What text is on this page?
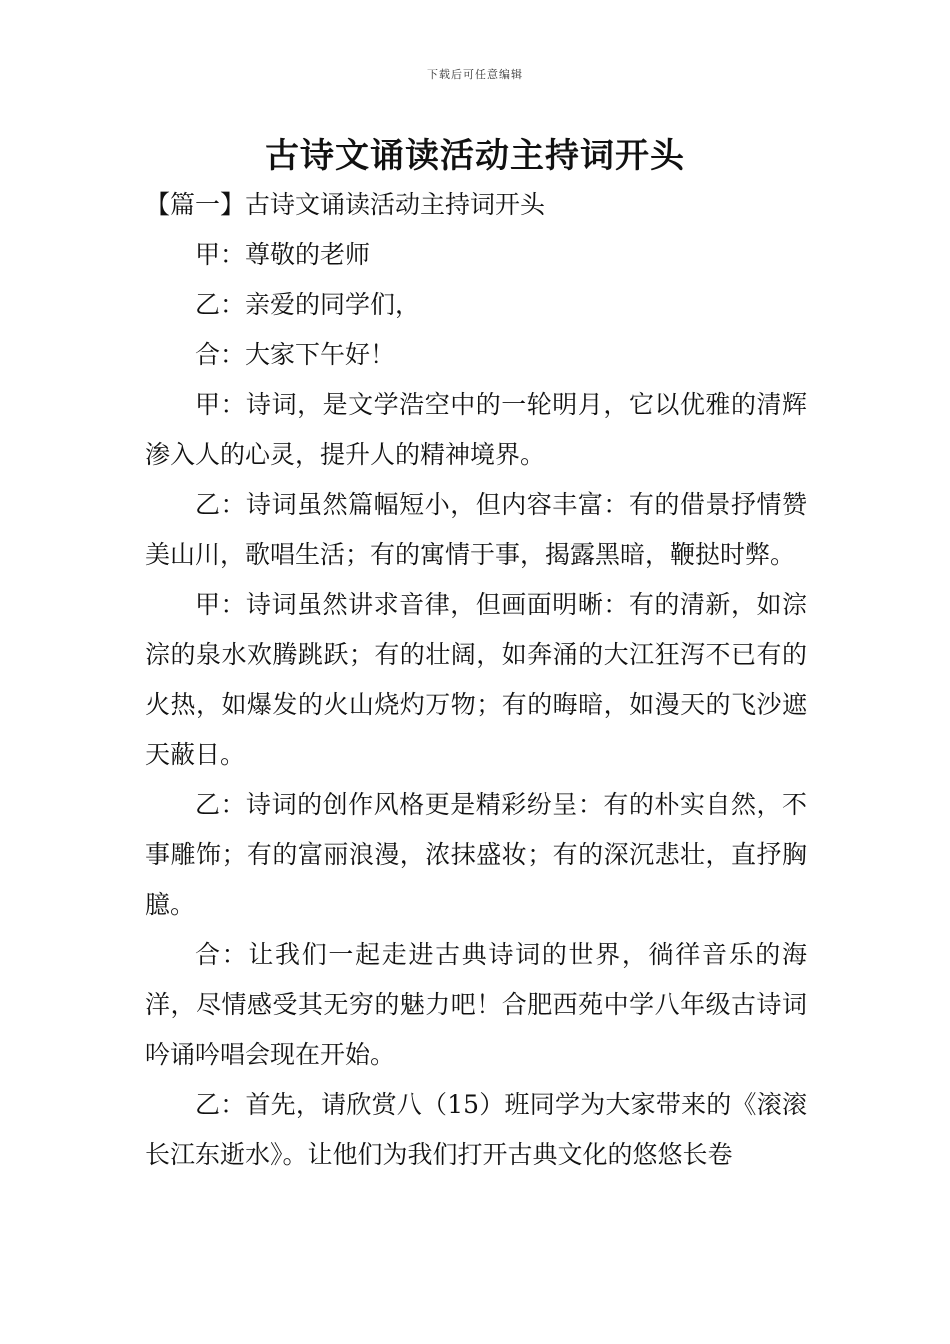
下载后可任意编辑
古诗文诵读活动主持词开头

【篇一】古诗文诵读活动主持词开头

甲：尊敬的老师

乙：亲爱的同学们，

合：大家下午好！

甲：诗词，是文学浩空中的一轮明月，它以优雅的清辉渗入人的心灵，提升人的精神境界。

乙：诗词虽然篇幅短小，但内容丰富：有的借景抒情赞美山川，歌唱生活；有的寓情于事，揭露黑暗，鞭挞时弊。

甲：诗词虽然讲求音律，但画面明晰：有的清新，如淙淙的泉水欢腾跳跃；有的壮阔，如奔涌的大江狂泻不已有的火热，如爆发的火山烧灼万物；有的晦暗，如漫天的飞沙遮天蔽日。

乙：诗词的创作风格更是精彩纷呈：有的朴实自然，不事雕饰；有的富丽浪漫，浓抹盛妆；有的深沉悲壮，直抒胸臆。

合：让我们一起走进古典诗词的世界，徜徉音乐的海洋，尽情感受其无穷的魅力吧！合肥西苑中学八年级古诗词吟诵吟唱会现在开始。

乙：首先，请欣赏八（15）班同学为大家带来的《滚滚长江东逝水》。让他们为我们打开古典文化的悠悠长卷
